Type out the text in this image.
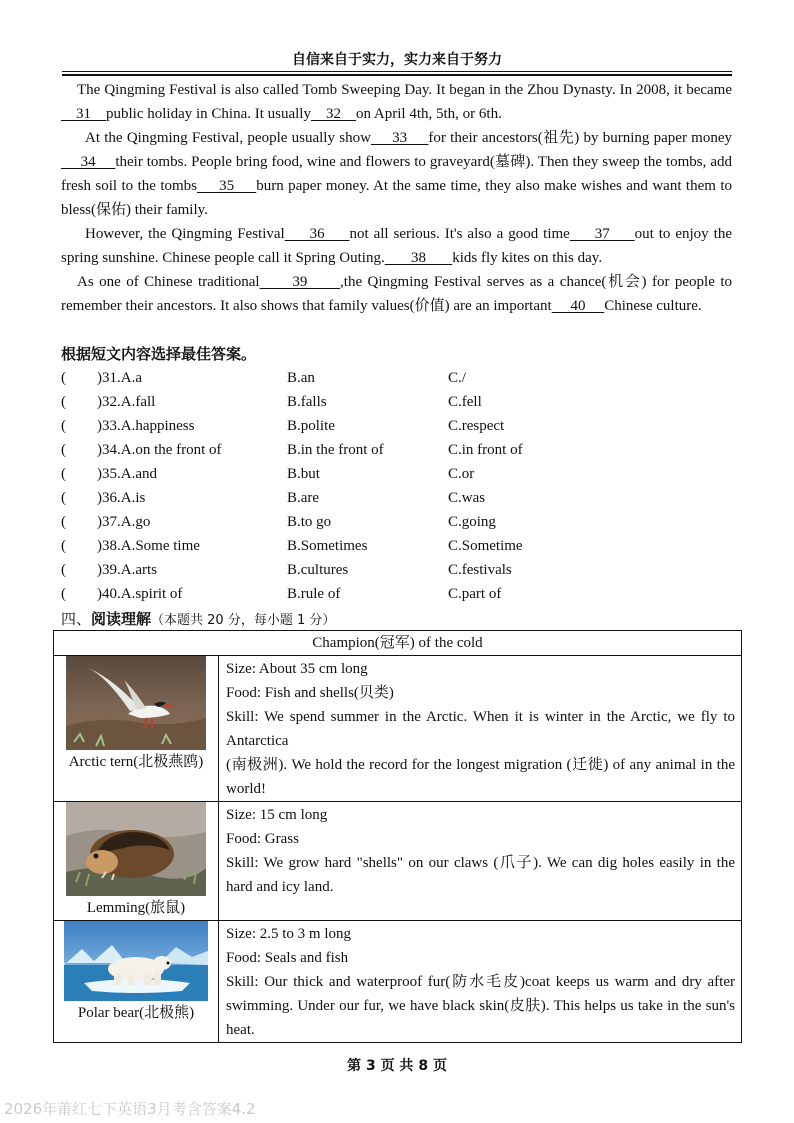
自信来自于实力，实力来自于努力

The Qingming Festival is also called Tomb Sweeping Day. It began in the Zhou Dynasty. In 2008, it became    31    public holiday in China. It usually    32    on April 4th, 5th, or 6th.

At the Qingming Festival, people usually show     33     for their ancestors(祖先) by burning paper money     34     their tombs. People bring food, wine and flowers to graveyard(墓碑). Then they sweep the tombs, add fresh soil to the tombs     35     burn paper money. At the same time, they also make wishes and want them to bless(保佑) their family.

However, the Qingming Festival     36     not all serious. It's also a good time     37     out to enjoy the spring sunshine. Chinese people call it Spring Outing.       38       kids fly kites on this day.

As one of Chinese traditional      39      ,the Qingming Festival serves as a chance(机会) for people to remember their ancestors. It also shows that family values(价值) are an important     40     Chinese culture.

根据短文内容选择最佳答案。
( )31.A.a	B.an	C./
( )32.A.fall	B.falls	C.fell
( )33.A.happiness	B.polite	C.respect
( )34.A.on the front of	B.in the front of	C.in front of
( )35.A.and	B.but	C.or
( )36.A.is	B.are	C.was
( )37.A.go	B.to go	C.going
( )38.A.Some time	B.Sometimes	C.Sometime
( )39.A.arts	B.cultures	C.festivals
( )40.A.spirit of	B.rule of	C.part of
四、阅读理解（本题共 20 分，每小题 1 分）
Champion(冠军) of the cold	

Arctic tern(北极燕鸥)	Size: About 35 cm long
Food: Fish and shells(贝类)
Skill: We spend summer in the Arctic. When it is winter in the Arctic, we fly to Antarctica
(南极洲). We hold the record for the longest migration (迁徙) of any animal in the world!

Lemming(旅鼠)	Size: 15 cm long
Food: Grass
Skill: We grow hard "shells" on our claws (爪子). We can dig holes easily in the hard and icy land.

Polar bear(北极熊)	Size: 2.5 to 3 m long
Food: Seals and fish
Skill: Our thick and waterproof fur(防水毛皮)coat keeps us warm and dry after swimming. Under our fur, we have black skin(皮肤). This helps us take in the sun's heat.
第 3 页 共 8 页
2026年莆红七下英语3月考含答案4.2
